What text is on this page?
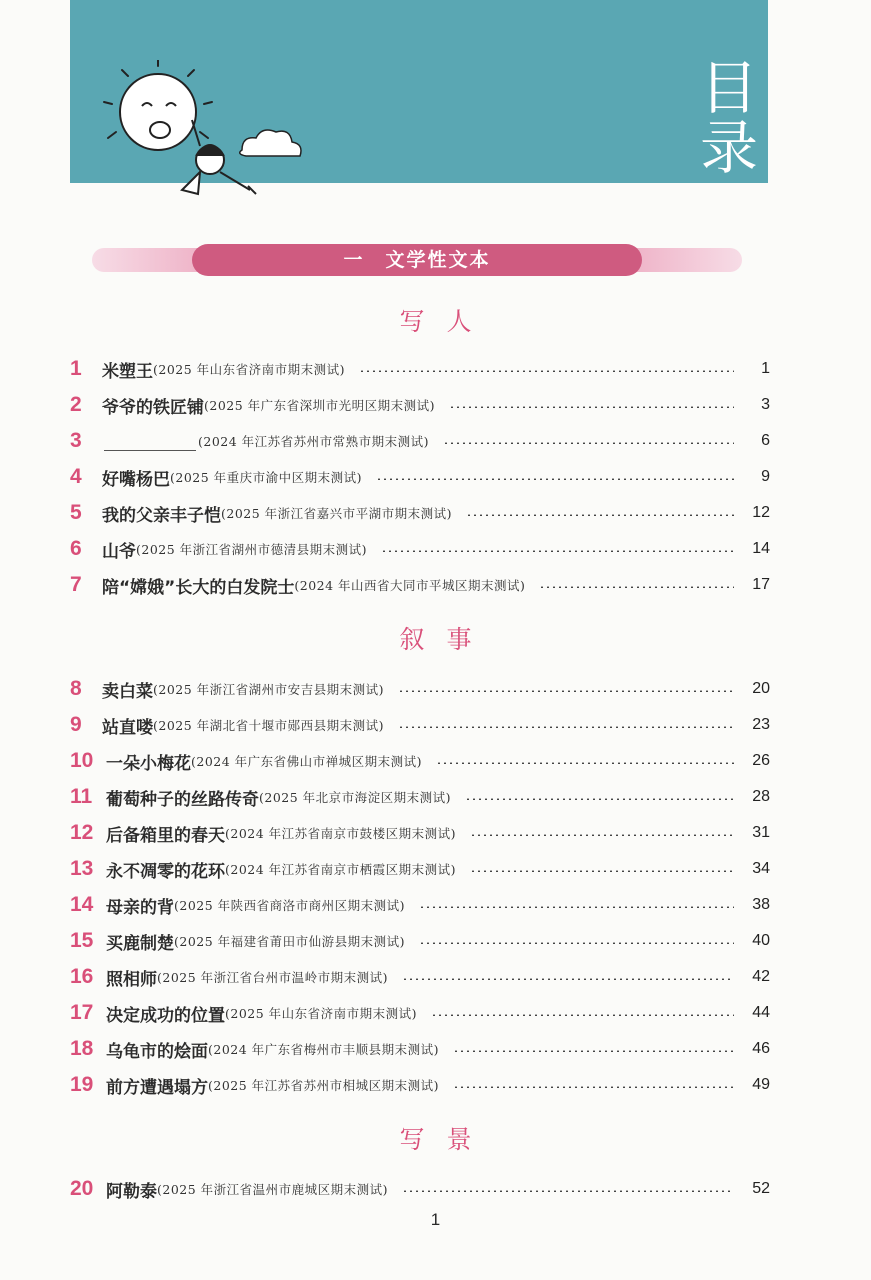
目
录
一　文学性文本
写人
1	米塑王 (2025 年山东省济南市期末测试)	1
2	爷爷的铁匠铺 (2025 年广东省深圳市光明区期末测试)	3
3	(2024 年江苏省苏州市常熟市期末测试)	6
4	好嘴杨巴 (2025 年重庆市渝中区期末测试)	9
5	我的父亲丰子恺 (2025 年浙江省嘉兴市平湖市期末测试)	12
6	山爷 (2025 年浙江省湖州市德清县期末测试)	14
7	陪“嫦娥”长大的白发院士 (2024 年山西省大同市平城区期末测试)	17
叙事
8	卖白菜 (2025 年浙江省湖州市安吉县期末测试)	20
9	站直喽 (2025 年湖北省十堰市郧西县期末测试)	23
10 一朵小梅花 (2024 年广东省佛山市禅城区期末测试)	26
11 葡萄种子的丝路传奇 (2025 年北京市海淀区期末测试)	28
12 后备箱里的春天 (2024 年江苏省南京市鼓楼区期末测试)	31
13 永不凋零的花环 (2024 年江苏省南京市栖霞区期末测试)	34
14 母亲的背 (2025 年陕西省商洛市商州区期末测试)	38
15 买鹿制楚 (2025 年福建省莆田市仙游县期末测试)	40
16 照相师 (2025 年浙江省台州市温岭市期末测试)	42
17 决定成功的位置 (2025 年山东省济南市期末测试)	44
18 乌龟市的烩面 (2024 年广东省梅州市丰顺县期末测试)	46
19 前方遭遇塌方 (2025 年江苏省苏州市相城区期末测试)	49
写景
20 阿勒泰 (2025 年浙江省温州市鹿城区期末测试)	52
1
